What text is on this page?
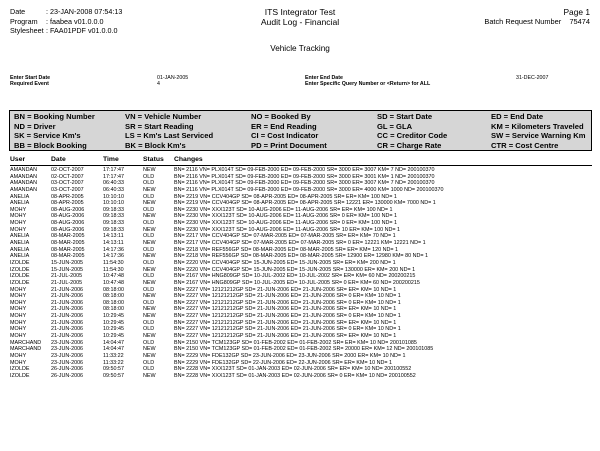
Date	: 23-JAN-2008 07:54:13
Program : faabea v01.0.0.0
Stylesheet : FAA01PDF v01.0.0.0
ITS Integrator Test
Audit Log - Financial
Page 1
Batch Request Number 75474
Vehicle Tracking
Enter Start Date
Required Event
01-JAN-2005
4
Enter End Date
Enter Specific Query Number or <Return> for ALL
31-DEC-2007
BN = Booking Number	VN = Vehicle Number	NO = Booked By	SD = Start Date	ED = End Date
ND = Driver	SR = Start Reading	ER = End Reading	GL = GLA	KM = Kilometers Traveled
SK = Service Km's	LS = Km's Last Serviced	CI = Cost Indicator	CC = Creditor Code	SW = Service Warning Km
BB = Block Booking	BK = Block Km's	PD = Print Document	CR = Charge Rate	CTR = Cost Centre
User	Date	Time	Status Changes
AMANDAN	02-OCT-2007	17:17:47	NEW	BN= 2116 VN= PLX014T SD= 09-FEB-2000 ED= 09-FEB-2000 SR= 3000 ER= 3007 KM= 7 ND= 200100370
AMANDAN	02-OCT-2007	17:17:47	OLD	BN= 2116 VN= PLX014T SD= 09-FEB-2000 ED= 09-FEB-2000 SR= 3000 ER= 3001 KM= 1 ND= 200100370
AMANDAN	03-OCT-2007	06:40:33	OLD	BN= 2116 VN= PLX014T SD= 09-FEB-2000 ED= 09-FEB-2000 SR= 3000 ER= 3007 KM= 7 ND= 200100370
AMANDAN	03-OCT-2007	06:40:33	NEW	BN= 2116 VN= PLX014T SD= 09-FEB-2000 ED= 09-FEB-2000 SR= 3000 ER= 4000 KM= 1000 ND= 200100370
ANELIA	08-APR-2005	10:10:10	OLD	BN= 2219 VN= CCV404GP SD= 08-APR-2005 ED= 08-APR-2005 SR= ER= KM= 100 ND= 1
ANELIA	08-APR-2005	10:10:10	NEW	BN= 2219 VN= CCV404GP SD= 08-APR-2005 ED= 08-APR-2005 SR= 12221 ER= 130000 KM= 7000 ND= 1
MOHY	08-AUG-2006	09:18:33	OLD	BN= 2230 VN= XXX123T SD= 10-AUG-2006 ED= 11-AUG-2006 SR= ER= KM= 100 ND= 1
MOHY	08-AUG-2006	09:18:33	NEW	BN= 2230 VN= XXX123T SD= 10-AUG-2006 ED= 11-AUG-2006 SR= 0 ER= KM= 100 ND= 1
MOHY	08-AUG-2006	09:18:33	OLD	BN= 2230 VN= XXX123T SD= 10-AUG-2006 ED= 11-AUG-2006 SR= 0 ER= KM= 100 ND= 1
MOHY	08-AUG-2006	09:18:33	NEW	BN= 2230 VN= XXX123T SD= 10-AUG-2006 ED= 11-AUG-2006 SR= 10 ER= KM= 100 ND= 1
ANELIA	08-MAR-2005	14:13:11	OLD	BN= 2217 VN= CCV404GP SD= 07-MAR-2005 ED= 07-MAR-2005 SR= ER= KM= 70 ND= 1
ANELIA	08-MAR-2005	14:13:11	NEW	BN= 2217 VN= CCV404GP SD= 07-MAR-2005 ED= 07-MAR-2005 SR= 0 ER= 12221 KM= 12221 ND= 1
ANELIA	08-MAR-2005	14:17:36	OLD	BN= 2218 VN= REF556GP SD= 08-MAR-2005 ED= 08-MAR-2005 SR= ER= KM= 120 ND= 1
ANELIA	08-MAR-2005	14:17:36	NEW	BN= 2218 VN= REF556GP SD= 08-MAR-2005 ED= 08-MAR-2005 SR= 12900 ER= 12980 KM= 80 ND= 1
IZOLDE	15-JUN-2005	11:54:30	OLD	BN= 2220 VN= CCV404GP SD= 15-JUN-2005 ED= 15-JUN-2005 SR= ER= KM= 200 ND= 1
IZOLDE	15-JUN-2005	11:54:30	NEW	BN= 2220 VN= CCV404GP SD= 15-JUN-2005 ED= 15-JUN-2005 SR= 130000 ER= KM= 200 ND= 1
IZOLDE	21-JUL-2005	10:47:48	OLD	BN= 2167 VN= HNG809GP SD= 10-JUL-2002 ED= 10-JUL-2002 SR= ER= KM= 60 ND= 200200215
IZOLDE	21-JUL-2005	10:47:48	NEW	BN= 2167 VN= HNG809GP SD= 10-JUL-2005 ED= 10-JUL-2005 SR= 0 ER= KM= 60 ND= 200200215
MOHY	21-JUN-2006	08:18:00	OLD	BN= 2227 VN= 12121212GP SD= 21-JUN-2006 ED= 21-JUN-2006 SR= ER= KM= 10 ND= 1
MOHY	21-JUN-2006	08:18:00	NEW	BN= 2227 VN= 12121212GP SD= 21-JUN-2006 ED= 21-JUN-2006 SR= 0 ER= KM= 10 ND= 1
MOHY	21-JUN-2006	08:18:00	OLD	BN= 2227 VN= 12121212GP SD= 21-JUN-2006 ED= 21-JUN-2006 SR= 0 ER= KM= 10 ND= 1
MOHY	21-JUN-2006	08:18:00	NEW	BN= 2227 VN= 12121212GP SD= 21-JUN-2006 ED= 21-JUN-2006 SR= ER= KM= 10 ND= 1
MOHY	21-JUN-2006	10:29:45	NEW	BN= 2227 VN= 12121212GP SD= 21-JUN-2006 ED= 21-JUN-2006 SR= 0 ER= KM= 10 ND= 1
MOHY	21-JUN-2006	10:29:45	OLD	BN= 2227 VN= 12121212GP SD= 21-JUN-2006 ED= 21-JUN-2006 SR= ER= KM= 10 ND= 1
MOHY	21-JUN-2006	10:29:45	OLD	BN= 2227 VN= 12121212GP SD= 21-JUN-2006 ED= 21-JUN-2006 SR= 0 ER= KM= 10 ND= 1
MOHY	21-JUN-2006	10:29:45	NEW	BN= 2227 VN= 12121212GP SD= 21-JUN-2006 ED= 21-JUN-2006 SR= ER= KM= 10 ND= 1
MARCHAND 23-JUN-2006	14:04:47	OLD	BN= 2150 VN= TCM123GP SD= 01-FEB-2002 ED= 01-FEB-2002 SR= ER= KM= 10 ND= 200101085
MARCHAND 23-JUN-2006	14:04:47	NEW	BN= 2150 VN= TCM123GP SD= 01-FEB-2002 ED= 01-FEB-2002 SR= 20000 ER= KM= 12 ND= 200101085
MOHY	23-JUN-2006	11:33:22	NEW	BN= 2229 VN= FDE132GP SD= 23-JUN-2006 ED= 23-JUN-2006 SR= 2000 ER= KM= 10 ND= 1
MOHY	23-JUN-2006	11:33:22	OLD	BN= 2229 VN= FDE132GP SD= 22-JUN-2006 ED= 22-JUN-2006 SR= ER= KM= 10 ND= 1
IZOLDE	26-JUN-2006	09:50:57	OLD	BN= 2228 VN= XXX123T SD= 01-JAN-2003 ED= 02-JUN-2006 SR= ER= KM= 10 ND= 200100552
IZOLDE	26-JUN-2006	09:50:57	NEW	BN= 2228 VN= XXX123T SD= 01-JAN-2003 ED= 02-JUN-2006 SR= 0 ER= KM= 10 ND= 200100552
